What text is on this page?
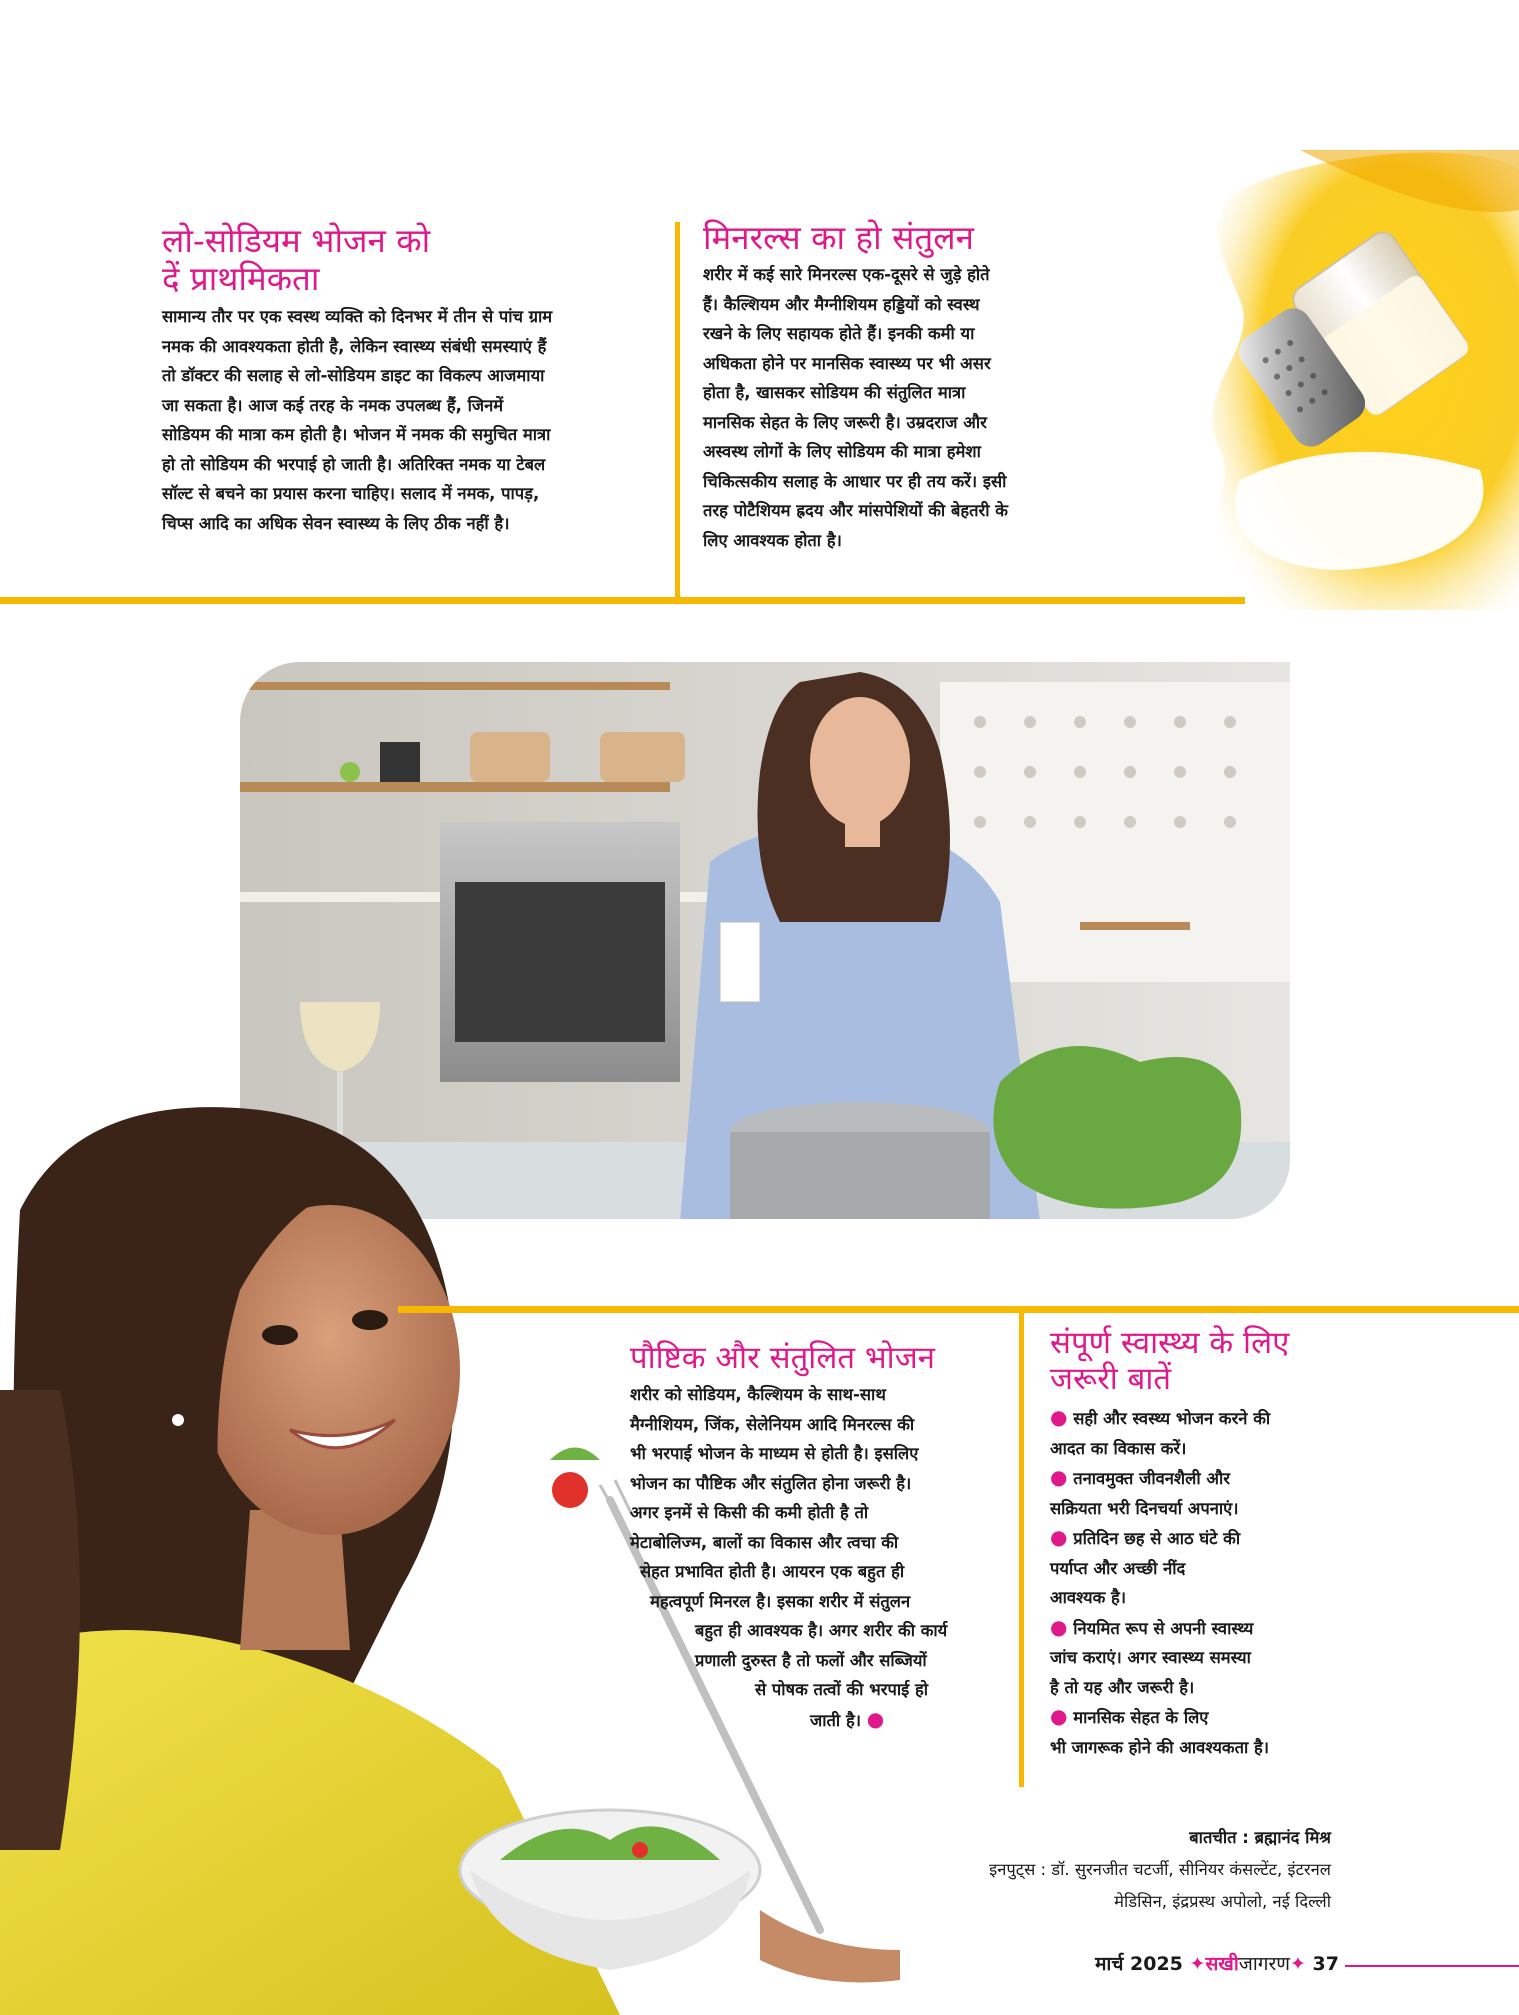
लो-सोडियम भोजन को
दें प्राथमिकता
सामान्य तौर पर एक स्वस्थ व्यक्ति को दिनभर में तीन से पांच ग्राम
नमक की आवश्यकता होती है, लेकिन स्वास्थ्य संबंधी समस्याएं हैं
तो डॉक्टर की सलाह से लो-सोडियम डाइट का विकल्प आजमाया
जा सकता है। आज कई तरह के नमक उपलब्ध हैं, जिनमें
सोडियम की मात्रा कम होती है। भोजन में नमक की समुचित मात्रा
हो तो सोडियम की भरपाई हो जाती है। अतिरिक्त नमक या टेबल
सॉल्ट से बचने का प्रयास करना चाहिए। सलाद में नमक, पापड़,
चिप्स आदि का अधिक सेवन स्वास्थ्य के लिए ठीक नहीं है।
मिनरल्स का हो संतुलन
शरीर में कई सारे मिनरल्स एक-दूसरे से जुड़े होते
हैं। कैल्शियम और मैग्नीशियम हड्डियों को स्वस्थ
रखने के लिए सहायक होते हैं। इनकी कमी या
अधिकता होने पर मानसिक स्वास्थ्य पर भी असर
होता है, खासकर सोडियम की संतुलित मात्रा
मानसिक सेहत के लिए जरूरी है। उम्रदराज और
अस्वस्थ लोगों के लिए सोडियम की मात्रा हमेशा
चिकित्सकीय सलाह के आधार पर ही तय करें। इसी
तरह पोटैशियम ह्रदय और मांसपेशियों की बेहतरी के
लिए आवश्यक होता है।
पौष्टिक और संतुलित भोजन
शरीर को सोडियम, कैल्शियम के साथ-साथ
मैग्नीशियम, जिंक, सेलेनियम आदि मिनरल्स की
भी भरपाई भोजन के माध्यम से होती है। इसलिए
भोजन का पौष्टिक और संतुलित होना जरूरी है।
अगर इनमें से किसी की कमी होती है तो
मेटाबोलिज्म, बालों का विकास और त्वचा की
सेहत प्रभावित होती है। आयरन एक बहुत ही
महत्वपूर्ण मिनरल है। इसका शरीर में संतुलन
बहुत ही आवश्यक है। अगर शरीर की कार्य
प्रणाली दुरुस्त है तो फलों और सब्जियों
से पोषक तत्वों की भरपाई हो
जाती है। ●
संपूर्ण स्वास्थ्य के लिए
जरूरी बातें
● सही और स्वस्थ्य भोजन करने की
आदत का विकास करें।
● तनावमुक्त जीवनशैली और
सक्रियता भरी दिनचर्या अपनाएं।
● प्रतिदिन छह से आठ घंटे की
पर्याप्त और अच्छी नींद
आवश्यक है।
● नियमित रूप से अपनी स्वास्थ्य
जांच कराएं। अगर स्वास्थ्य समस्या
है तो यह और जरूरी है।
● मानसिक सेहत के लिए
भी जागरूक होने की आवश्यकता है।
बातचीत : ब्रह्मानंद मिश्र
इनपुट्स : डॉ. सुरनजीत चटर्जी, सीनियर कंसल्टेंट, इंटरनल
मेडिसिन, इंद्रप्रस्थ अपोलो, नई दिल्ली
मार्च 2025 ✦सखीजागरण✦ 37
